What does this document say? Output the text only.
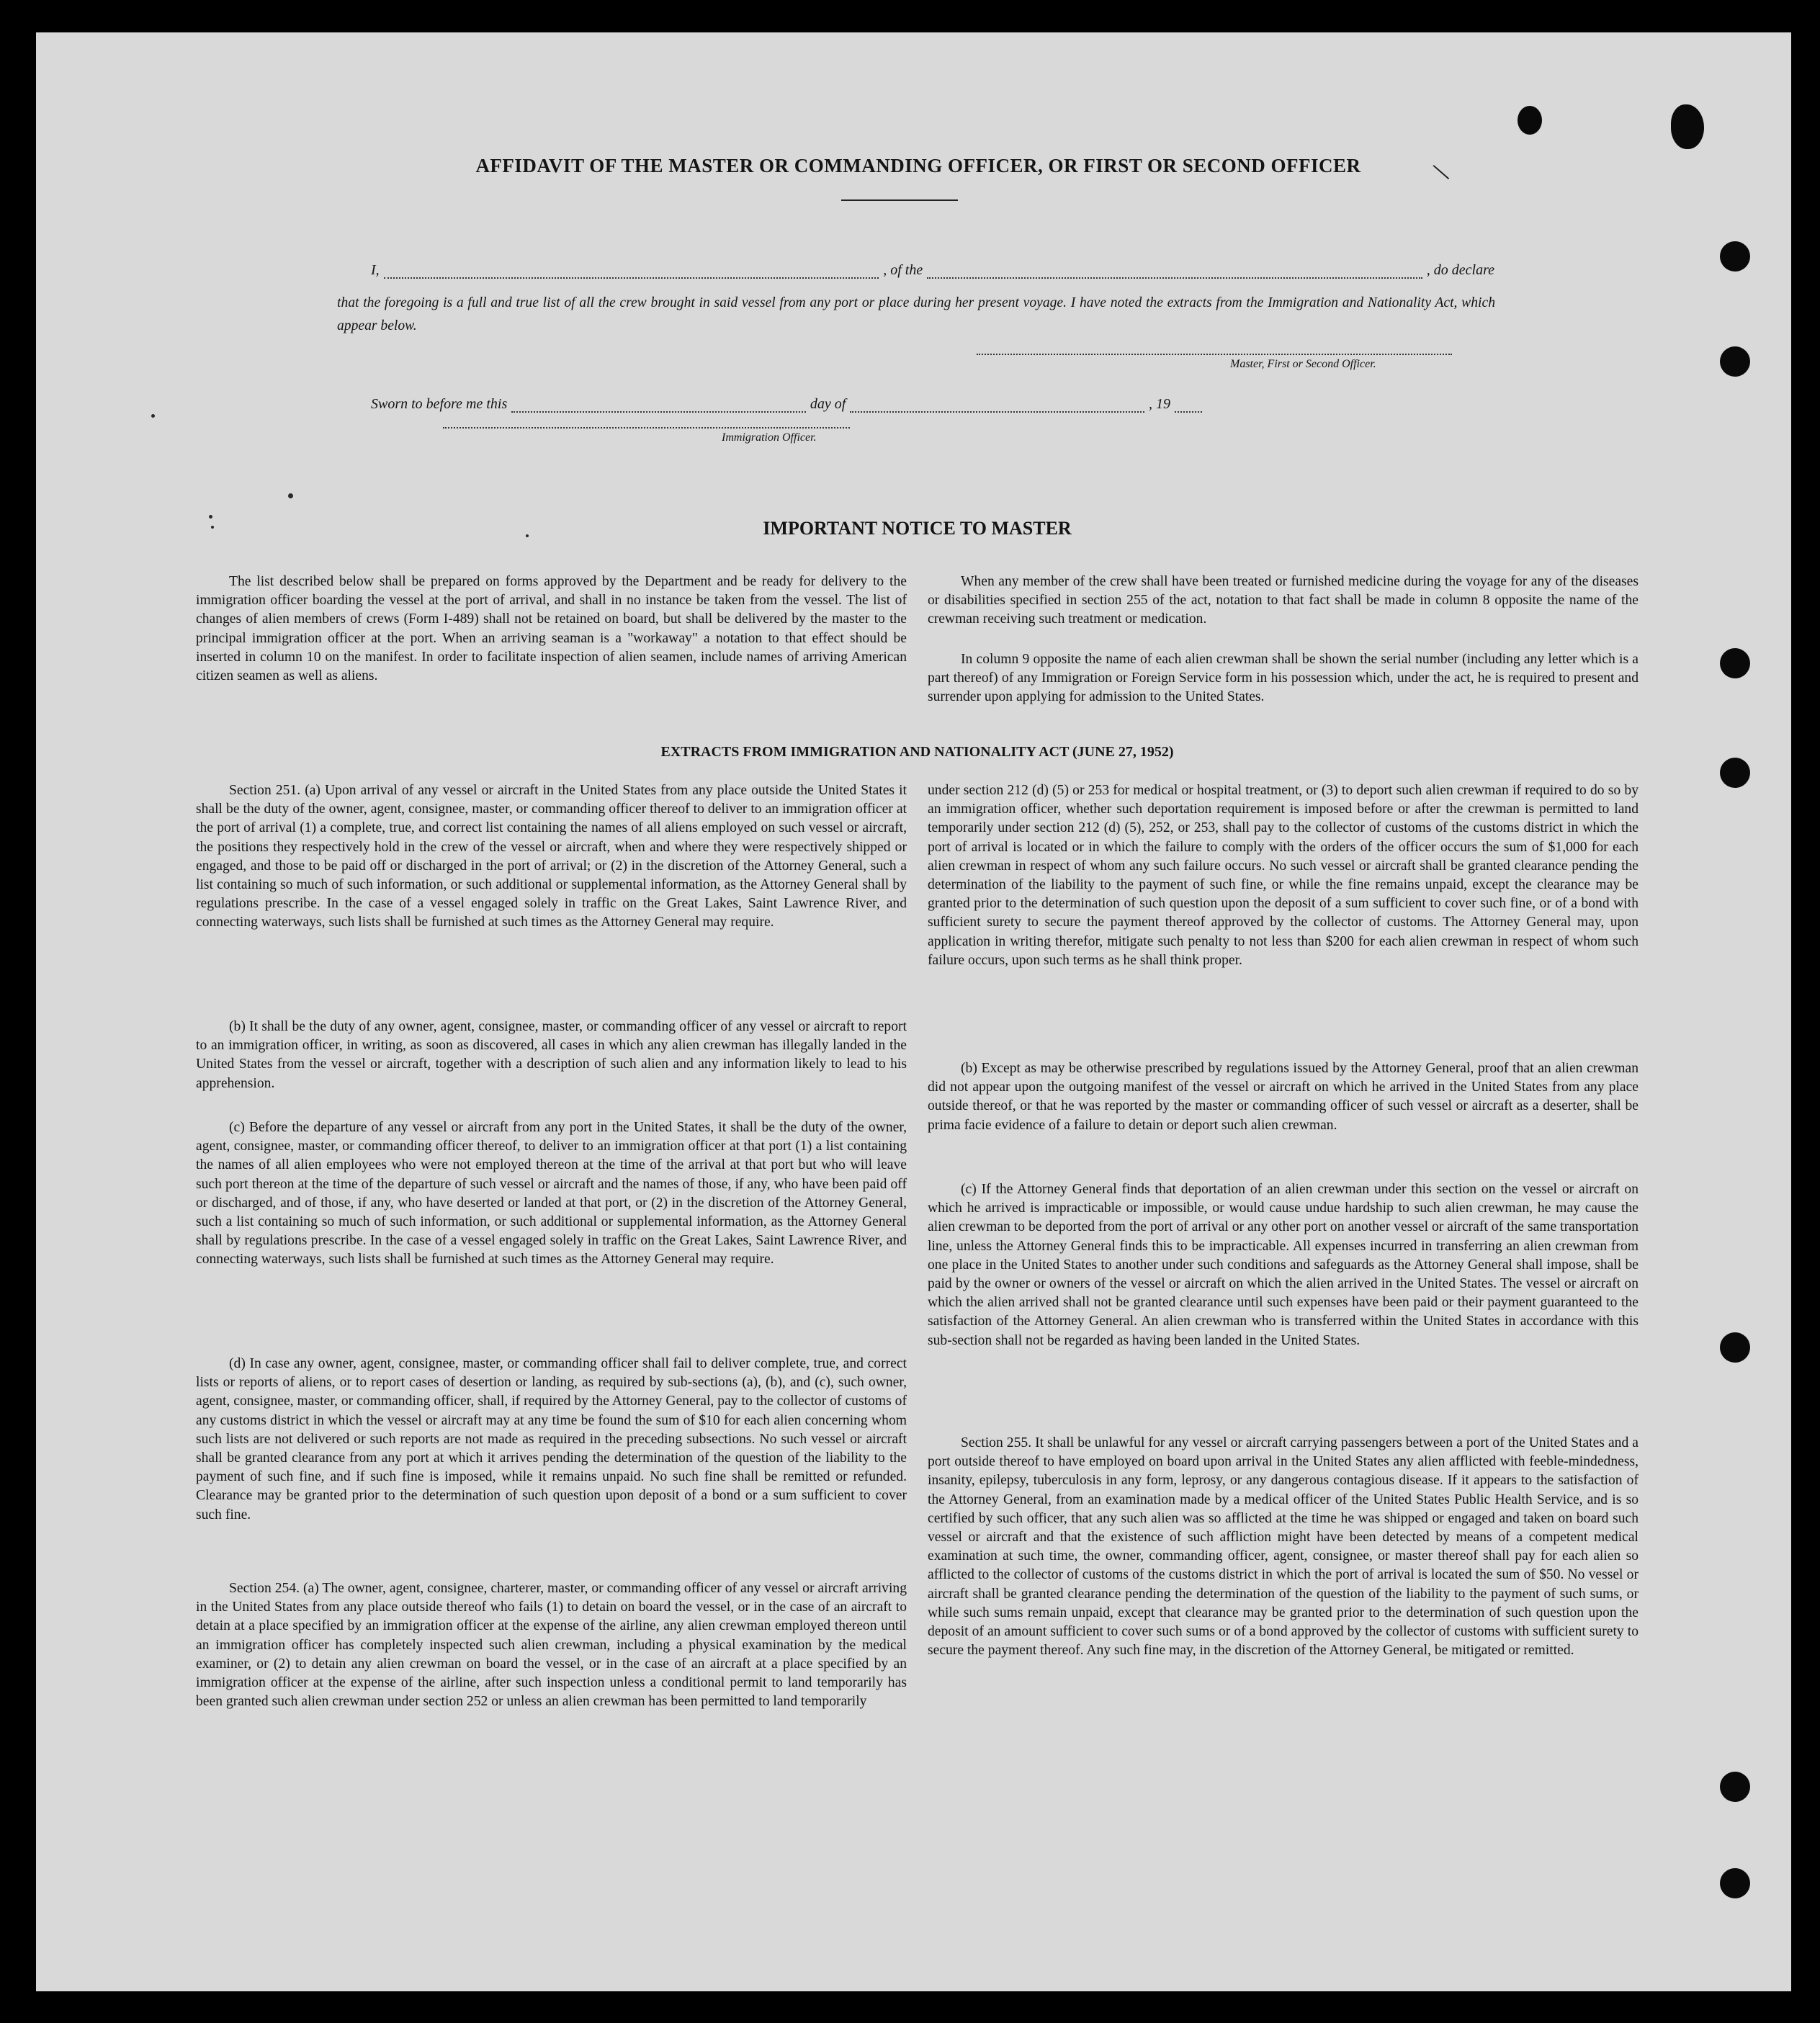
AFFIDAVIT OF THE MASTER OR COMMANDING OFFICER, OR FIRST OR SECOND OFFICER	\
I,	, of the	, do declare
that the foregoing is a full and true list of all the crew brought in said vessel from any port or place during her present voyage. I have noted the extracts from the Immigration and Nationality Act, which appear below.
Master, First or Second Officer.
Sworn to before me this	day of	, 19
Immigration Officer.
IMPORTANT NOTICE TO MASTER
The list described below shall be prepared on forms approved by the Department and be ready for delivery to the immigration officer boarding the vessel at the port of arrival, and shall in no instance be taken from the vessel. The list of changes of alien members of crews (Form I-489) shall not be retained on board, but shall be delivered by the master to the principal immigration officer at the port. When an arriving seaman is a "workaway" a notation to that effect should be inserted in column 10 on the manifest. In order to facilitate inspection of alien seamen, include names of arriving American citizen seamen as well as aliens.
When any member of the crew shall have been treated or furnished medicine during the voyage for any of the diseases or disabilities specified in section 255 of the act, notation to that fact shall be made in column 8 opposite the name of the crewman receiving such treatment or medication.
In column 9 opposite the name of each alien crewman shall be shown the serial number (including any letter which is a part thereof) of any Immigration or Foreign Service form in his possession which, under the act, he is required to present and surrender upon applying for admission to the United States.
EXTRACTS FROM IMMIGRATION AND NATIONALITY ACT (JUNE 27, 1952)
Section 251. (a) Upon arrival of any vessel or aircraft in the United States from any place outside the United States it shall be the duty of the owner, agent, consignee, master, or commanding officer thereof to deliver to an immigration officer at the port of arrival (1) a complete, true, and correct list containing the names of all aliens employed on such vessel or aircraft, the positions they respectively hold in the crew of the vessel or aircraft, when and where they were respectively shipped or engaged, and those to be paid off or discharged in the port of arrival; or (2) in the discretion of the Attorney General, such a list containing so much of such information, or such additional or supplemental information, as the Attorney General shall by regulations prescribe. In the case of a vessel engaged solely in traffic on the Great Lakes, Saint Lawrence River, and connecting waterways, such lists shall be furnished at such times as the Attorney General may require.
(b) It shall be the duty of any owner, agent, consignee, master, or commanding officer of any vessel or aircraft to report to an immigration officer, in writing, as soon as discovered, all cases in which any alien crewman has illegally landed in the United States from the vessel or aircraft, together with a description of such alien and any information likely to lead to his apprehension.
(c) Before the departure of any vessel or aircraft from any port in the United States, it shall be the duty of the owner, agent, consignee, master, or commanding officer thereof, to deliver to an immigration officer at that port (1) a list containing the names of all alien employees who were not employed thereon at the time of the arrival at that port but who will leave such port thereon at the time of the departure of such vessel or aircraft and the names of those, if any, who have been paid off or discharged, and of those, if any, who have deserted or landed at that port, or (2) in the discretion of the Attorney General, such a list containing so much of such information, or such additional or supplemental information, as the Attorney General shall by regulations prescribe. In the case of a vessel engaged solely in traffic on the Great Lakes, Saint Lawrence River, and connecting waterways, such lists shall be furnished at such times as the Attorney General may require.
(d) In case any owner, agent, consignee, master, or commanding officer shall fail to deliver complete, true, and correct lists or reports of aliens, or to report cases of desertion or landing, as required by sub-sections (a), (b), and (c), such owner, agent, consignee, master, or commanding officer, shall, if required by the Attorney General, pay to the collector of customs of any customs district in which the vessel or aircraft may at any time be found the sum of $10 for each alien concerning whom such lists are not delivered or such reports are not made as required in the preceding subsections. No such vessel or aircraft shall be granted clearance from any port at which it arrives pending the determination of the question of the liability to the payment of such fine, and if such fine is imposed, while it remains unpaid. No such fine shall be remitted or refunded. Clearance may be granted prior to the determination of such question upon deposit of a bond or a sum sufficient to cover such fine.
Section 254. (a) The owner, agent, consignee, charterer, master, or commanding officer of any vessel or aircraft arriving in the United States from any place outside thereof who fails (1) to detain on board the vessel, or in the case of an aircraft to detain at a place specified by an immigration officer at the expense of the airline, any alien crewman employed thereon until an immigration officer has completely inspected such alien crewman, including a physical examination by the medical examiner, or (2) to detain any alien crewman on board the vessel, or in the case of an aircraft at a place specified by an immigration officer at the expense of the airline, after such inspection unless a conditional permit to land temporarily has been granted such alien crewman under section 252 or unless an alien crewman has been permitted to land temporarily
under section 212 (d) (5) or 253 for medical or hospital treatment, or (3) to deport such alien crewman if required to do so by an immigration officer, whether such deportation requirement is imposed before or after the crewman is permitted to land temporarily under section 212 (d) (5), 252, or 253, shall pay to the collector of customs of the customs district in which the port of arrival is located or in which the failure to comply with the orders of the officer occurs the sum of $1,000 for each alien crewman in respect of whom any such failure occurs. No such vessel or aircraft shall be granted clearance pending the determination of the liability to the payment of such fine, or while the fine remains unpaid, except the clearance may be granted prior to the determination of such question upon the deposit of a sum sufficient to cover such fine, or of a bond with sufficient surety to secure the payment thereof approved by the collector of customs. The Attorney General may, upon application in writing therefor, mitigate such penalty to not less than $200 for each alien crewman in respect of whom such failure occurs, upon such terms as he shall think proper.
(b) Except as may be otherwise prescribed by regulations issued by the Attorney General, proof that an alien crewman did not appear upon the outgoing manifest of the vessel or aircraft on which he arrived in the United States from any place outside thereof, or that he was reported by the master or commanding officer of such vessel or aircraft as a deserter, shall be prima facie evidence of a failure to detain or deport such alien crewman.
(c) If the Attorney General finds that deportation of an alien crewman under this section on the vessel or aircraft on which he arrived is impracticable or impossible, or would cause undue hardship to such alien crewman, he may cause the alien crewman to be deported from the port of arrival or any other port on another vessel or aircraft of the same transportation line, unless the Attorney General finds this to be impracticable. All expenses incurred in transferring an alien crewman from one place in the United States to another under such conditions and safeguards as the Attorney General shall impose, shall be paid by the owner or owners of the vessel or aircraft on which the alien arrived in the United States. The vessel or aircraft on which the alien arrived shall not be granted clearance until such expenses have been paid or their payment guaranteed to the satisfaction of the Attorney General. An alien crewman who is transferred within the United States in accordance with this sub-section shall not be regarded as having been landed in the United States.
Section 255. It shall be unlawful for any vessel or aircraft carrying passengers between a port of the United States and a port outside thereof to have employed on board upon arrival in the United States any alien afflicted with feeble-mindedness, insanity, epilepsy, tuberculosis in any form, leprosy, or any dangerous contagious disease. If it appears to the satisfaction of the Attorney General, from an examination made by a medical officer of the United States Public Health Service, and is so certified by such officer, that any such alien was so afflicted at the time he was shipped or engaged and taken on board such vessel or aircraft and that the existence of such affliction might have been detected by means of a competent medical examination at such time, the owner, commanding officer, agent, consignee, or master thereof shall pay for each alien so afflicted to the collector of customs of the customs district in which the port of arrival is located the sum of $50. No vessel or aircraft shall be granted clearance pending the determination of the question of the liability to the payment of such sums, or while such sums remain unpaid, except that clearance may be granted prior to the determination of such question upon the deposit of an amount sufficient to cover such sums or of a bond approved by the collector of customs with sufficient surety to secure the payment thereof. Any such fine may, in the discretion of the Attorney General, be mitigated or remitted.
